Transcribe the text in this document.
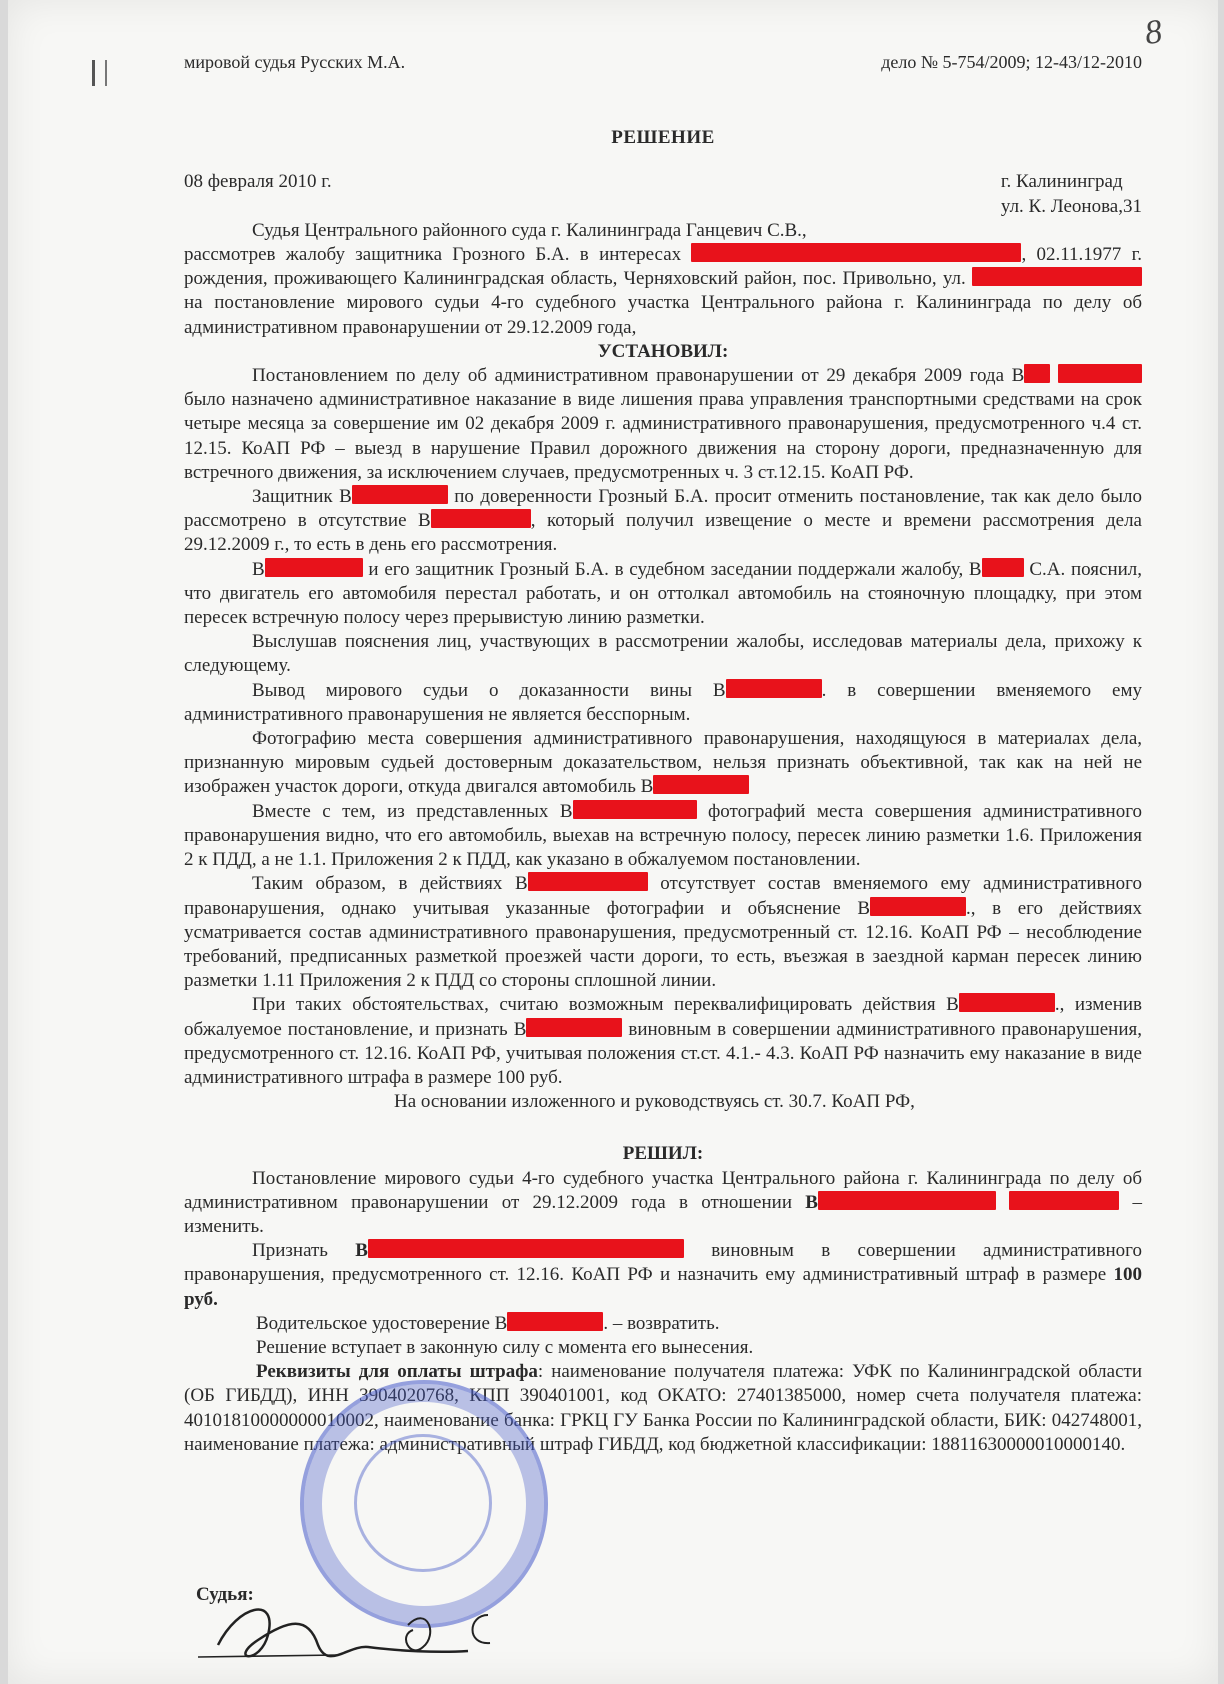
8
мировой судья Русских М.А.	дело № 5-754/2009; 12-43/12-2010
РЕШЕНИЕ
08 февраля 2010 г.	г. Калининград
ул. К. Леонова,31

Судья Центрального районного суда г. Калининграда Ганцевич С.В.,

рассмотрев жалобу защитника Грозного Б.А. в интересах	, 02.11.1977 г. рождения, проживающего Калининградская область, Черняховский район, пос. Привольно, ул.  на постановление мирового судьи 4-го судебного участка Центрального района г. Калининграда по делу об административном правонарушении от 29.12.2009 года,

УСТАНОВИЛ:

Постановлением по делу об административном правонарушении от 29 декабря 2009 года В  было назначено административное наказание в виде лишения права управления транспортными средствами на срок четыре месяца за совершение им 02 декабря 2009 г. административного правонарушения, предусмотренного ч.4 ст. 12.15. КоАП РФ – выезд в нарушение Правил дорожного движения на сторону дороги, предназначенную для встречного движения, за исключением случаев, предусмотренных ч. 3 ст.12.15. КоАП РФ.

Защитник В	по доверенности Грозный Б.А. просит отменить постановление, так как дело было рассмотрено в отсутствие В	, который получил извещение о месте и времени рассмотрения дела 29.12.2009 г., то есть в день его рассмотрения.

В	и его защитник Грозный Б.А. в судебном заседании поддержали жалобу, В	С.А. пояснил, что двигатель его автомобиля перестал работать, и он оттолкал автомобиль на стояночную площадку, при этом пересек встречную полосу через прерывистую линию разметки.

Выслушав пояснения лиц, участвующих в рассмотрении жалобы, исследовав материалы дела, прихожу к следующему.

Вывод мирового судьи о доказанности вины В	. в совершении вменяемого ему административного правонарушения не является бесспорным.

Фотографию места совершения административного правонарушения, находящуюся в материалах дела, признанную мировым судьей достоверным доказательством, нельзя признать объективной, так как на ней не изображен участок дороги, откуда двигался автомобиль В

Вместе с тем, из представленных В	фотографий места совершения административного правонарушения видно, что его автомобиль, выехав на встречную полосу, пересек линию разметки 1.6. Приложения 2 к ПДД, а не 1.1. Приложения 2 к ПДД, как указано в обжалуемом постановлении.

Таким образом, в действиях В	отсутствует состав вменяемого ему административного правонарушения, однако учитывая указанные фотографии и объяснение В	., в его действиях усматривается состав административного правонарушения, предусмотренный ст. 12.16. КоАП РФ – несоблюдение требований, предписанных разметкой проезжей части дороги, то есть, въезжая в заездной карман пересек линию разметки 1.11 Приложения 2 к ПДД со стороны сплошной линии.

При таких обстоятельствах, считаю возможным переквалифицировать действия В	., изменив обжалуемое постановление, и признать В	виновным в совершении административного правонарушения, предусмотренного ст. 12.16. КоАП РФ, учитывая положения ст.ст. 4.1.- 4.3. КоАП РФ назначить ему наказание в виде административного штрафа в размере 100 руб.

На основании изложенного и руководствуясь ст. 30.7. КоАП РФ,

РЕШИЛ:

Постановление мирового судьи 4-го судебного участка Центрального района г. Калининграда по делу об административном правонарушении от 29.12.2009 года в отношении В	– изменить.

Признать В	виновным в совершении административного правонарушения, предусмотренного ст. 12.16. КоАП РФ и назначить ему административный штраф в размере 100 руб.

Водительское удостоверение В	. – возвратить.

Решение вступает в законную силу с момента его вынесения.

Реквизиты для оплаты штрафа: наименование получателя платежа: УФК по Калининградской области (ОБ ГИБДД), ИНН 3904020768, КПП 390401001, код ОКАТО: 27401385000, номер счета получателя платежа: 40101810000000010002, наименование банка: ГРКЦ ГУ Банка России по Калининградской области, БИК: 042748001, наименование платежа: административный штраф ГИБДД, код бюджетной классификации: 18811630000010000140.

Судья:
